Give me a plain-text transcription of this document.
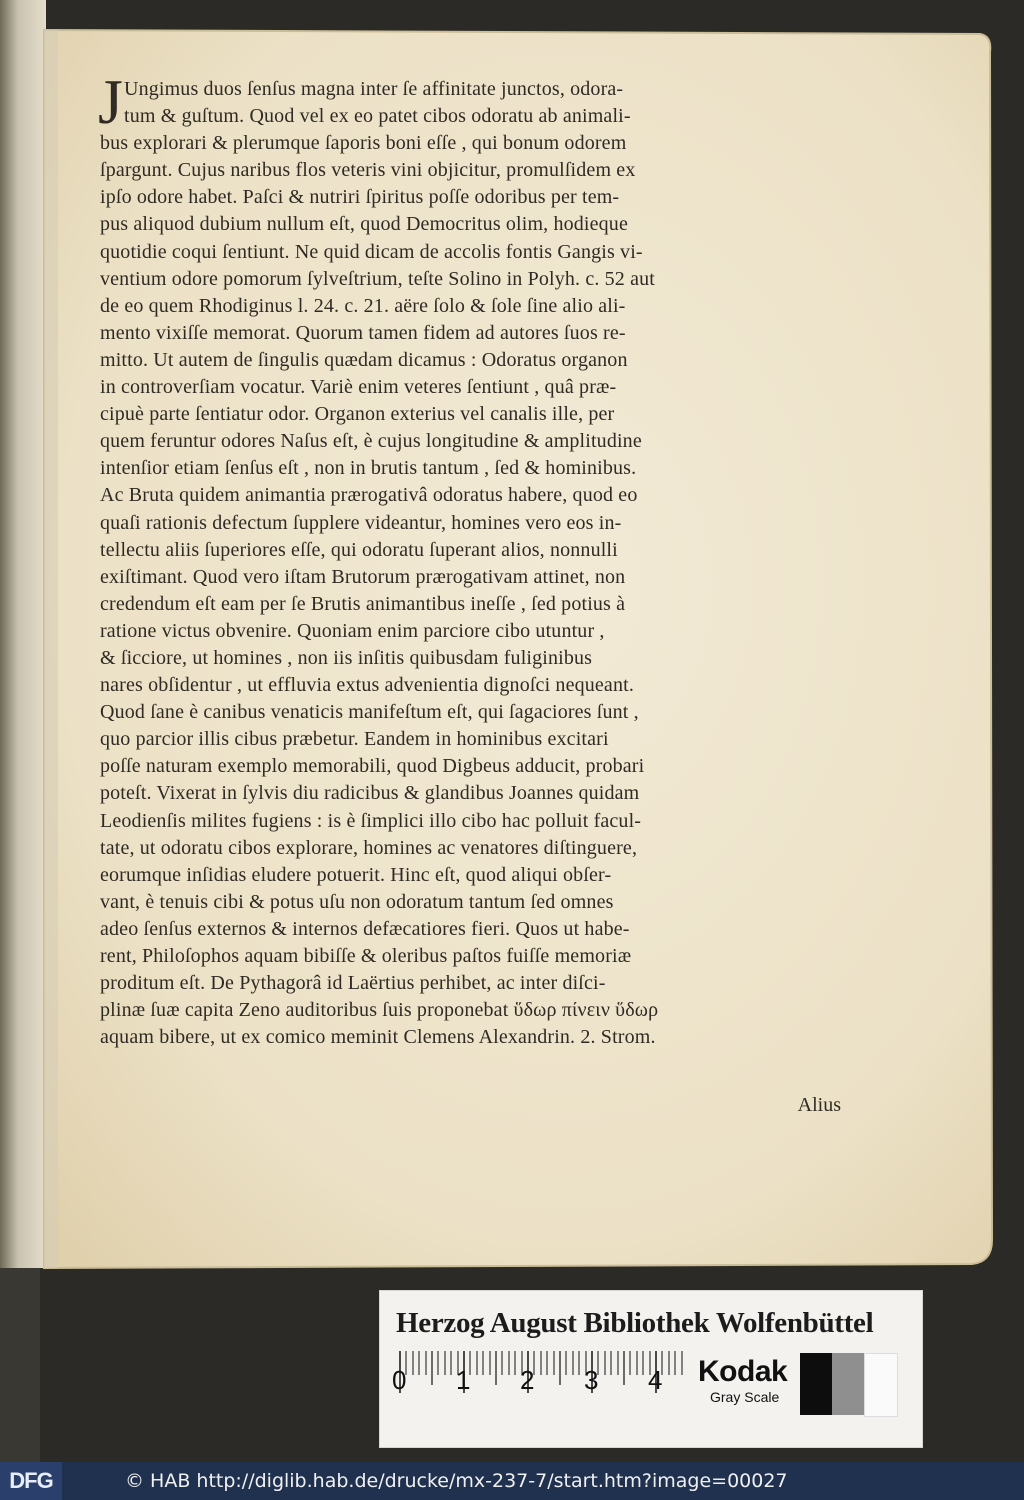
J Ungimus duos ſenſus magna inter ſe affinitate junctos, odora-
tum & guſtum. Quod vel ex eo patet cibos odoratu ab animali-
bus explorari & plerumque ſaporis boni eſſe , qui bonum odorem
ſpargunt. Cujus naribus flos veteris vini objicitur, promulſidem ex
ipſo odore habet. Paſci & nutriri ſpiritus poſſe odoribus per tem-
pus aliquod dubium nullum eſt, quod Democritus olim, hodieque
quotidie coqui ſentiunt. Ne quid dicam de accolis fontis Gangis vi-
ventium odore pomorum ſylveſtrium, teſte Solino in Polyh. c. 52 aut
de eo quem Rhodiginus l. 24. c. 21. aëre ſolo & ſole ſine alio ali-
mento vixiſſe memorat. Quorum tamen fidem ad autores ſuos re-
mitto. Ut autem de ſingulis quædam dicamus : Odoratus organon
in controverſiam vocatur. Variè enim veteres ſentiunt , quâ præ-
cipuè parte ſentiatur odor. Organon exterius vel canalis ille, per
quem feruntur odores Naſus eſt, è cujus longitudine & amplitudine
intenſior etiam ſenſus eſt , non in brutis tantum , ſed & hominibus.
Ac Bruta quidem animantia prærogativâ odoratus habere, quod eo
quaſi rationis defectum ſupplere videantur, homines vero eos in-
tellectu aliis ſuperiores eſſe, qui odoratu ſuperant alios, nonnulli
exiſtimant. Quod vero iſtam Brutorum prærogativam attinet, non
credendum eſt eam per ſe Brutis animantibus ineſſe , ſed potius à
ratione victus obvenire. Quoniam enim parciore cibo utuntur ,
& ſicciore, ut homines , non iis inſitis quibusdam fuliginibus
nares obſidentur , ut effluvia extus advenientia dignoſci nequeant.
Quod ſane è canibus venaticis manifeſtum eſt, qui ſagaciores ſunt ,
quo parcior illis cibus præbetur. Eandem in hominibus excitari
poſſe naturam exemplo memorabili, quod Digbeus adducit, probari
poteſt. Vixerat in ſylvis diu radicibus & glandibus Joannes quidam
Leodienſis milites fugiens : is è ſimplici illo cibo hac polluit facul-
tate, ut odoratu cibos explorare, homines ac venatores diſtinguere,
eorumque inſidias eludere potuerit. Hinc eſt, quod aliqui obſer-
vant, è tenuis cibi & potus uſu non odoratum tantum ſed omnes
adeo ſenſus externos & internos defæcatiores fieri. Quos ut habe-
rent, Philoſophos aquam bibiſſe & oleribus paſtos fuiſſe memoriæ
proditum eſt. De Pythagorâ id Laërtius perhibet, ac inter diſci-
plinæ ſuæ capita Zeno auditoribus ſuis proponebat ὕδωρ πίνειν ὕδωρ
aquam bibere, ut ex comico meminit Clemens Alexandrin. 2. Strom.
Alius
Herzog August Bibliothek Wolfenbüttel
0 1 2 3 4 Kodak
Gray Scale
DFG	© HAB http://diglib.hab.de/drucke/mx-237-7/start.htm?image=00027
